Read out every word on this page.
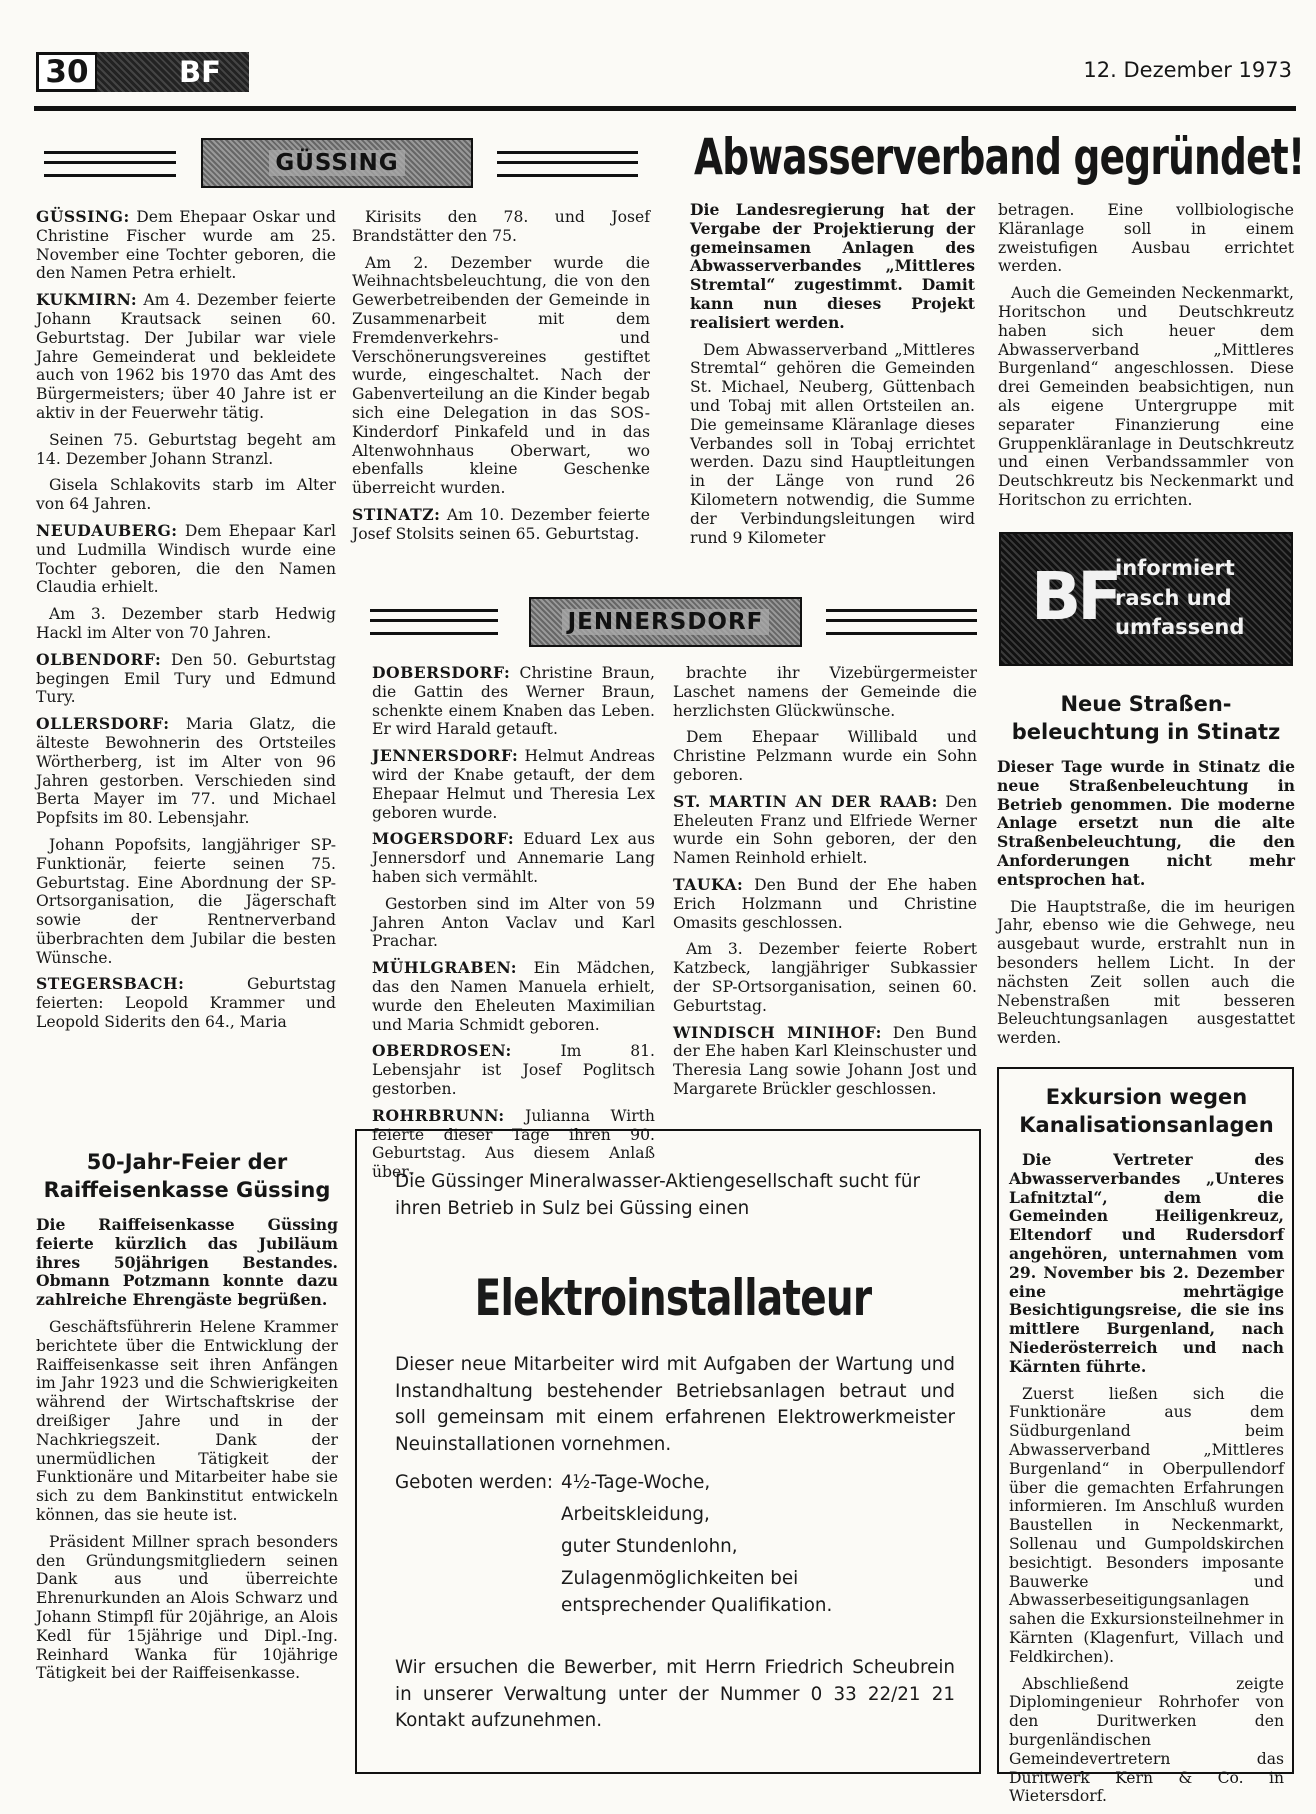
30	BF	12. Dezember 1973
GÜSSING

GÜSSING: Dem Ehepaar Oskar und Christine Fischer wurde am 25. November eine Tochter geboren, die den Namen Petra erhielt.

KUKMIRN: Am 4. Dezember feierte Johann Krautsack seinen 60. Geburtstag. Der Jubilar war viele Jahre Gemeinderat und bekleidete auch von 1962 bis 1970 das Amt des Bürgermeisters; über 40 Jahre ist er aktiv in der Feuerwehr tätig.

Seinen 75. Geburtstag begeht am 14. Dezember Johann Stranzl.

Gisela Schlakovits starb im Alter von 64 Jahren.

NEUDAUBERG: Dem Ehepaar Karl und Ludmilla Windisch wurde eine Tochter geboren, die den Namen Claudia erhielt.

Am 3. Dezember starb Hedwig Hackl im Alter von 70 Jahren.

OLBENDORF: Den 50. Geburtstag begingen Emil Tury und Edmund Tury.

OLLERSDORF: Maria Glatz, die älteste Bewohnerin des Ortsteiles Wörtherberg, ist im Alter von 96 Jahren gestorben. Verschieden sind Berta Mayer im 77. und Michael Popfsits im 80. Lebensjahr.

Johann Popofsits, langjähriger SP-Funktionär, feierte seinen 75. Geburtstag. Eine Abordnung der SP-Ortsorganisation, die Jägerschaft sowie der Rentnerverband überbrachten dem Jubilar die besten Wünsche.

STEGERSBACH:	Geburtstag feierten: Leopold Krammer und Leopold Siderits den 64., Maria

Kirisits den 78. und Josef Brandstätter den 75.

Am 2. Dezember wurde die Weihnachtsbeleuchtung, die von den Gewerbetreibenden der Gemeinde in Zusammenarbeit mit dem Fremdenverkehrs- und Verschönerungsvereines gestiftet wurde, eingeschaltet. Nach der Gabenverteilung an die Kinder begab sich eine Delegation in das SOS-Kinderdorf Pinkafeld und in das Altenwohnhaus Oberwart, wo ebenfalls kleine Geschenke überreicht wurden.

STINATZ: Am 10. Dezember feierte Josef Stolsits seinen 65. Geburtstag.

Abwasserverband gegründet!

Die Landesregierung hat der Vergabe der Projektierung der gemeinsamen Anlagen des Abwasserverbandes „Mittleres Stremtal“ zugestimmt. Damit kann nun dieses Projekt realisiert werden.

Dem Abwasserverband „Mittleres Stremtal“ gehören die Gemeinden St. Michael, Neuberg, Güttenbach und Tobaj mit allen Ortsteilen an. Die gemeinsame Kläranlage dieses Verbandes soll in Tobaj errichtet werden. Dazu sind Hauptleitungen in der Länge von rund 26 Kilometern notwendig, die Summe der Verbindungsleitungen wird rund 9 Kilometer

betragen. Eine vollbiologische Kläranlage soll in einem zweistufigen Ausbau errichtet werden.

Auch die Gemeinden Neckenmarkt, Horitschon und Deutschkreutz haben sich heuer dem Abwasserverband „Mittleres Burgenland“ angeschlossen. Diese drei Gemeinden beabsichtigen, nun als eigene Untergruppe mit separater Finanzierung eine Gruppenkläranlage in Deutschkreutz und einen Verbandssammler von Deutschkreutz bis Neckenmarkt und Horitschon zu errichten.

BF
informiert
rasch und
umfassend
Neue Straßen-
beleuchtung in Stinatz

Dieser Tage wurde in Stinatz die neue Straßenbeleuchtung in Betrieb genommen. Die moderne Anlage ersetzt nun die alte Straßenbeleuchtung, die den Anforderungen nicht mehr entsprochen hat.

Die Hauptstraße, die im heurigen Jahr, ebenso wie die Gehwege, neu ausgebaut wurde, erstrahlt nun in besonders hellem Licht. In der nächsten Zeit sollen auch die Nebenstraßen mit besseren Beleuchtungsanlagen ausgestattet werden.

JENNERSDORF

DOBERSDORF: Christine Braun, die Gattin des Werner Braun, schenkte einem Knaben das Leben. Er wird Harald getauft.

JENNERSDORF: Helmut Andreas wird der Knabe getauft, der dem Ehepaar Helmut und Theresia Lex geboren wurde.

MOGERSDORF: Eduard Lex aus Jennersdorf und Annemarie Lang haben sich vermählt.

Gestorben sind im Alter von 59 Jahren Anton Vaclav und Karl Prachar.

MÜHLGRABEN: Ein Mädchen, das den Namen Manuela erhielt, wurde den Eheleuten Maximilian und Maria Schmidt geboren.

OBERDROSEN:	Im 81. Lebensjahr ist Josef Poglitsch gestorben.

ROHRBRUNN: Julianna Wirth feierte dieser Tage ihren 90. Geburtstag. Aus diesem Anlaß über-

brachte ihr Vizebürgermeister Laschet namens der Gemeinde die herzlichsten Glückwünsche.

Dem Ehepaar Willibald und Christine Pelzmann wurde ein Sohn geboren.

ST. MARTIN AN DER RAAB: Den Eheleuten Franz und Elfriede Werner wurde ein Sohn geboren, der den Namen Reinhold erhielt.

TAUKA: Den Bund der Ehe haben Erich Holzmann und Christine Omasits geschlossen.

Am 3. Dezember feierte Robert Katzbeck, langjähriger Subkassier der SP-Ortsorganisation, seinen 60. Geburtstag.

WINDISCH MINIHOF: Den Bund der Ehe haben Karl Kleinschuster und Theresia Lang sowie Johann Jost und Margarete Brückler geschlossen.

50-Jahr-Feier der
Raiffeisenkasse Güssing

Die Raiffeisenkasse Güssing feierte kürzlich das Jubiläum ihres 50jährigen Bestandes. Obmann Potzmann konnte dazu zahlreiche Ehrengäste begrüßen.

Geschäftsführerin Helene Krammer berichtete über die Entwicklung der Raiffeisenkasse seit ihren Anfängen im Jahr 1923 und die Schwierigkeiten während der Wirtschaftskrise der dreißiger Jahre und in der Nachkriegszeit. Dank der unermüdlichen Tätigkeit der Funktionäre und Mitarbeiter habe sie sich zu dem Bankinstitut entwickeln können, das sie heute ist.

Präsident Millner sprach besonders den Gründungsmitgliedern seinen Dank aus und überreichte Ehrenurkunden an Alois Schwarz und Johann Stimpfl für 20jährige, an Alois Kedl für 15jährige und Dipl.-Ing. Reinhard Wanka für 10jährige Tätigkeit bei der Raiffeisenkasse.

Die Güssinger Mineralwasser-Aktiengesellschaft sucht für ihren Betrieb in Sulz bei Güssing einen
Elektroinstallateur
Dieser neue Mitarbeiter wird mit Aufgaben der Wartung und Instandhaltung bestehender Betriebsanlagen betraut und soll gemeinsam mit einem erfahrenen Elektrowerkmeister Neuinstallationen vornehmen.
Geboten werden: 4½-Tage-Woche,
Arbeitskleidung,
guter Stundenlohn,
Zulagenmöglichkeiten bei entsprechender Qualifikation.
Wir ersuchen die Bewerber, mit Herrn Friedrich Scheubrein in unserer Verwaltung unter der Nummer 0 33 22/21 21 Kontakt aufzunehmen.
Exkursion wegen
Kanalisationsanlagen

Die Vertreter des Abwasserverbandes „Unteres Lafnitztal“, dem die Gemeinden Heiligenkreuz, Eltendorf und Rudersdorf angehören, unternahmen vom 29. November bis 2. Dezember eine mehrtägige Besichtigungsreise, die sie ins mittlere Burgenland, nach Niederösterreich und nach Kärnten führte.

Zuerst ließen sich die Funktionäre aus dem Südburgenland beim Abwasserverband „Mittleres Burgenland“ in Oberpullendorf über die gemachten Erfahrungen informieren. Im Anschluß wurden Baustellen in Neckenmarkt, Sollenau und Gumpoldskirchen besichtigt. Besonders imposante Bauwerke und Abwasserbeseitigungsanlagen sahen die Exkursionsteilnehmer in Kärnten (Klagenfurt, Villach und Feldkirchen).

Abschließend zeigte Diplomingenieur Rohrhofer von den Duritwerken den burgenländischen Gemeindevertretern das Duritwerk Kern & Co. in Wietersdorf.
